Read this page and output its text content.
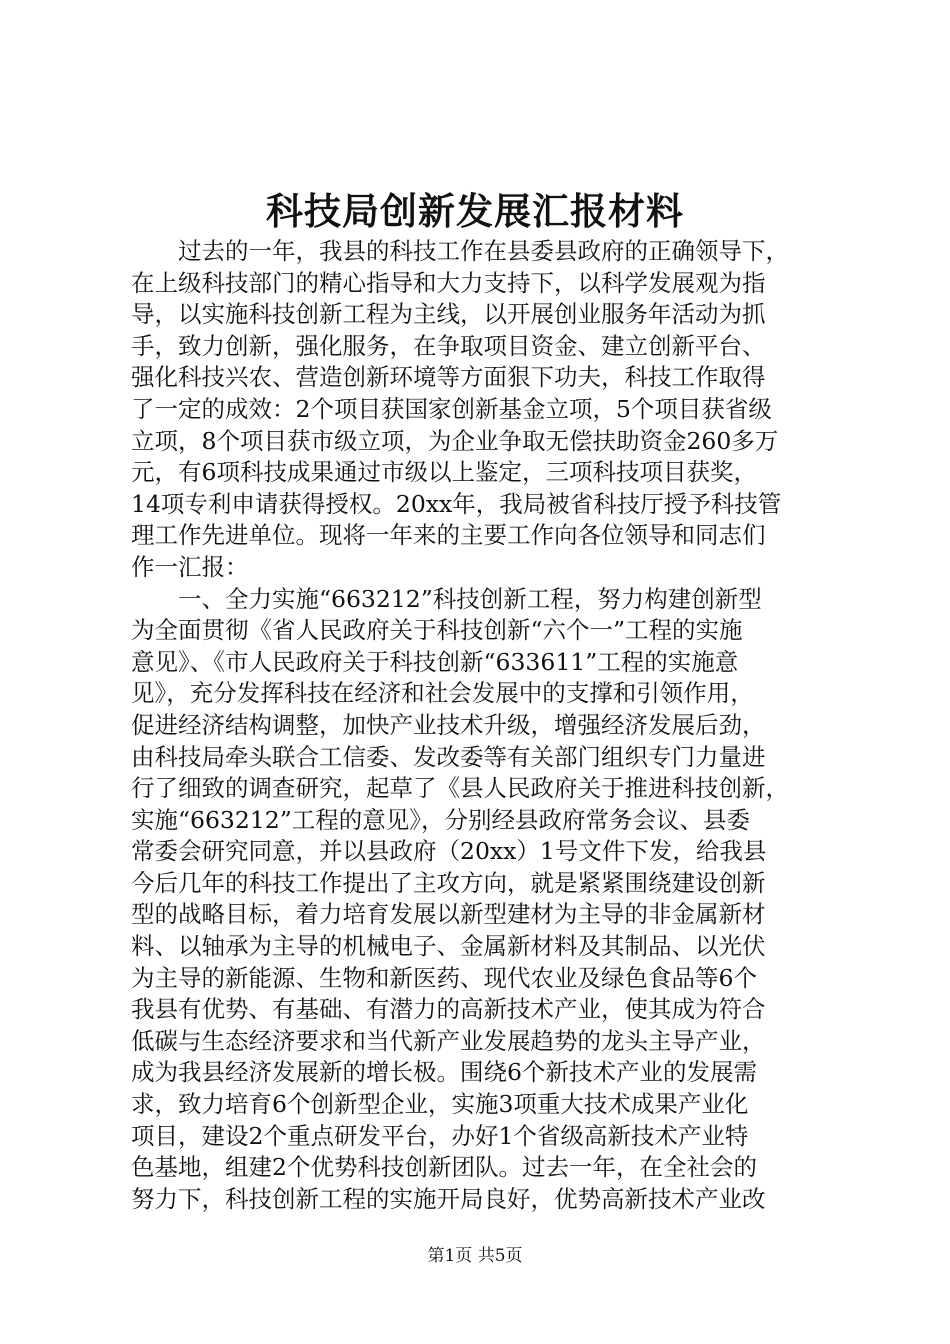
科技局创新发展汇报材料
　　过去的一年，我县的科技工作在县委县政府的正确领导下，
在上级科技部门的精心指导和大力支持下，以科学发展观为指
导，以实施科技创新工程为主线，以开展创业服务年活动为抓
手，致力创新，强化服务，在争取项目资金、建立创新平台、
强化科技兴农、营造创新环境等方面狠下功夫，科技工作取得
了一定的成效：2个项目获国家创新基金立项，5个项目获省级
立项，8个项目获市级立项，为企业争取无偿扶助资金260多万
元，有6项科技成果通过市级以上鉴定，三项科技项目获奖，
14项专利申请获得授权。20xx年，我局被省科技厅授予科技管
理工作先进单位。现将一年来的主要工作向各位领导和同志们
作一汇报：
　　一、全力实施“663212”科技创新工程，努力构建创新型
为全面贯彻《省人民政府关于科技创新“六个一”工程的实施
意见》、《市人民政府关于科技创新“633611”工程的实施意
见》，充分发挥科技在经济和社会发展中的支撑和引领作用，
促进经济结构调整，加快产业技术升级，增强经济发展后劲，
由科技局牵头联合工信委、发改委等有关部门组织专门力量进
行了细致的调查研究，起草了《县人民政府关于推进科技创新，
实施“663212”工程的意见》，分别经县政府常务会议、县委
常委会研究同意，并以县政府（20xx）1号文件下发，给我县
今后几年的科技工作提出了主攻方向，就是紧紧围绕建设创新
型的战略目标，着力培育发展以新型建材为主导的非金属新材
料、以轴承为主导的机械电子、金属新材料及其制品、以光伏
为主导的新能源、生物和新医药、现代农业及绿色食品等6个
我县有优势、有基础、有潜力的高新技术产业，使其成为符合
低碳与生态经济要求和当代新产业发展趋势的龙头主导产业，
成为我县经济发展新的增长极。围绕6个新技术产业的发展需
求，致力培育6个创新型企业，实施3项重大技术成果产业化
项目，建设2个重点研发平台，办好1个省级高新技术产业特
色基地，组建2个优势科技创新团队。过去一年，在全社会的
努力下，科技创新工程的实施开局良好，优势高新技术产业改
第1页 共5页
